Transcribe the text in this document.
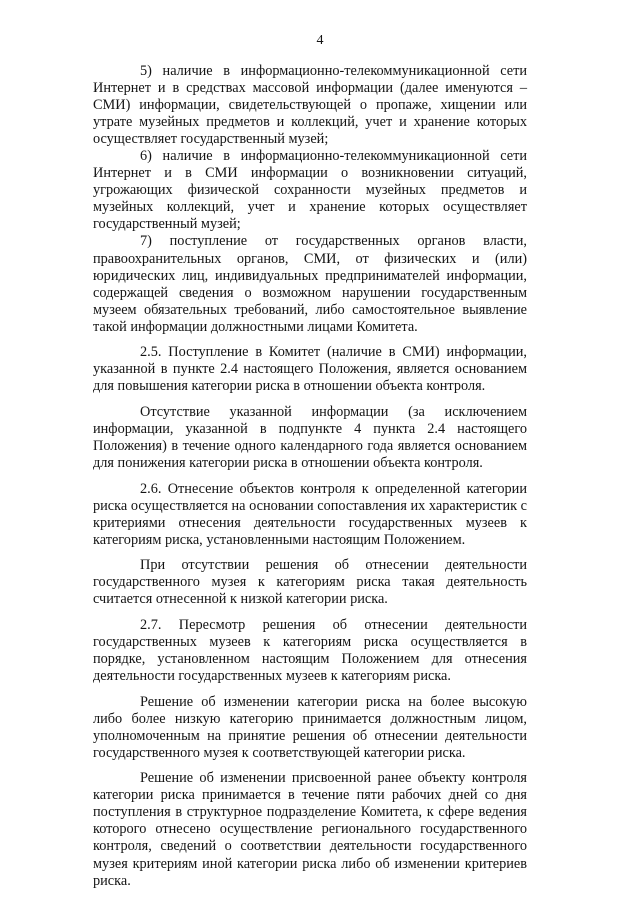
4

5) наличие в информационно-телекоммуникационной сети Интернет и в средствах массовой информации (далее именуются – СМИ) информации, свидетельствующей о пропаже, хищении или утрате музейных предметов и коллекций, учет и хранение которых осуществляет государственный музей;

6) наличие в информационно-телекоммуникационной сети Интернет и в СМИ информации о возникновении ситуаций, угрожающих физической сохранности музейных предметов и музейных коллекций, учет и хранение которых осуществляет государственный музей;

7) поступление от государственных органов власти, правоохранительных органов, СМИ, от физических и (или) юридических лиц, индивидуальных предпринимателей информации, содержащей сведения о возможном нарушении государственным музеем обязательных требований, либо самостоятельное выявление такой информации должностными лицами Комитета.

2.5. Поступление в Комитет (наличие в СМИ) информации, указанной в пункте 2.4 настоящего Положения, является основанием для повышения категории риска в отношении объекта контроля.

Отсутствие указанной информации (за исключением информации, указанной в подпункте 4 пункта 2.4 настоящего Положения) в течение одного календарного года является основанием для понижения категории риска в отношении объекта контроля.

2.6. Отнесение объектов контроля к определенной категории риска осуществляется на основании сопоставления их характеристик с критериями отнесения деятельности государственных музеев к категориям риска, установленными настоящим Положением.

При отсутствии решения об отнесении деятельности государственного музея к категориям риска такая деятельность считается отнесенной к низкой категории риска.

2.7. Пересмотр решения об отнесении деятельности государственных музеев к категориям риска осуществляется в порядке, установленном настоящим Положением для отнесения деятельности государственных музеев к категориям риска.

Решение об изменении категории риска на более высокую либо более низкую категорию принимается должностным лицом, уполномоченным на принятие решения об отнесении деятельности государственного музея к соответствующей категории риска.

Решение об изменении присвоенной ранее объекту контроля категории риска принимается в течение пяти рабочих дней со дня поступления в структурное подразделение Комитета, к сфере ведения которого отнесено осуществление регионального государственного контроля, сведений о соответствии деятельности государственного музея критериям иной категории риска либо об изменении критериев риска.
